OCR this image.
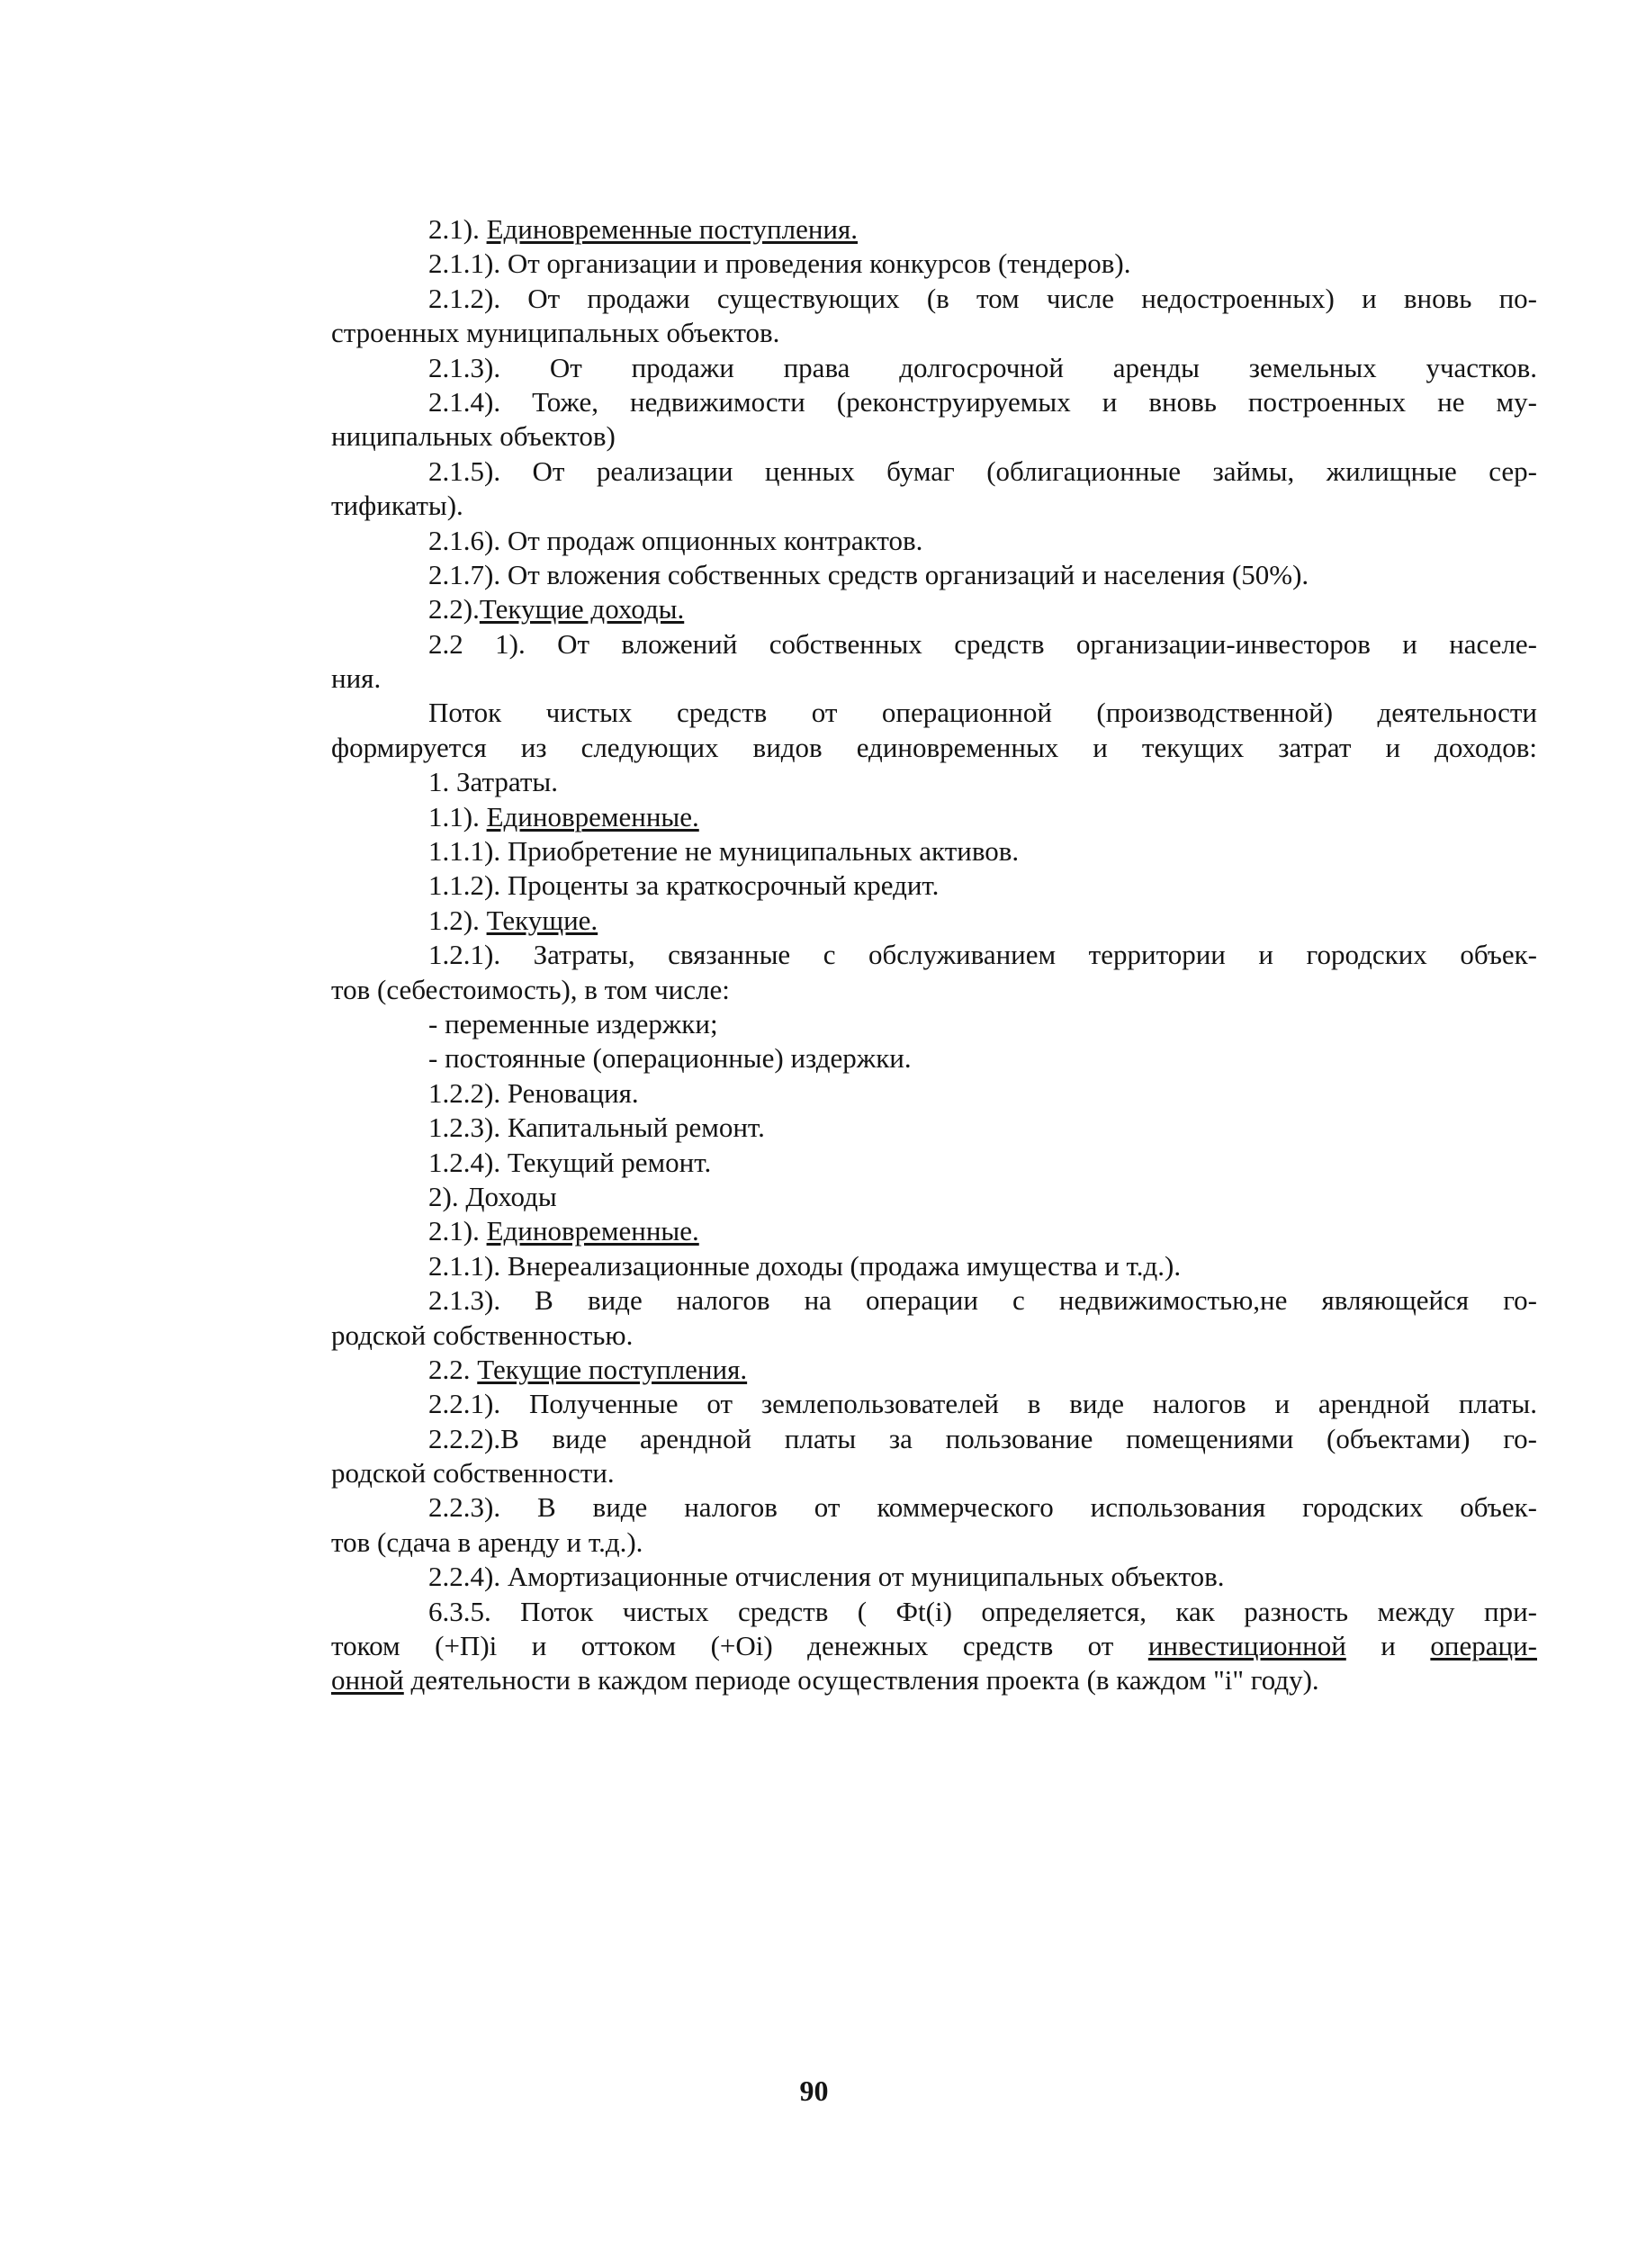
2.1). Единовременные поступления.
2.1.1). От организации и проведения конкурсов (тендеров).
2.1.2). От продажи существующих (в том числе недостроенных) и вновь по-
строенных муниципальных объектов.
2.1.3). От продажи права долгосрочной аренды земельных участков.
2.1.4). Тоже, недвижимости (реконструируемых и вновь построенных не му-
ниципальных объектов)
2.1.5). От реализации ценных бумаг (облигационные займы, жилищные сер-
тификаты).
2.1.6). От продаж опционных контрактов.
2.1.7). От вложения собственных средств организаций и населения (50%).
2.2).Текущие доходы.
2.2 1). От вложений собственных средств организации-инвесторов и населе-
ния.
Поток чистых средств от операционной (производственной) деятельности
формируется из следующих видов единовременных и текущих затрат и доходов:
1. Затраты.
1.1). Единовременные.
1.1.1). Приобретение не муниципальных активов.
1.1.2). Проценты за краткосрочный кредит.
1.2). Текущие.
1.2.1). Затраты, связанные с обслуживанием территории и городских объек-
тов (себестоимость), в том числе:
- переменные издержки;
- постоянные (операционные) издержки.
1.2.2). Реновация.
1.2.3). Капитальный ремонт.
1.2.4). Текущий ремонт.
2). Доходы
2.1). Единовременные.
2.1.1). Внереализационные доходы (продажа имущества и т.д.).
2.1.3). В виде налогов на операции с недвижимостью,не являющейся го-
родской собственностью.
2.2. Текущие поступления.
2.2.1). Полученные от землепользователей в виде налогов и арендной платы.
2.2.2).В виде арендной платы за пользование помещениями (объектами) го-
родской собственности.
2.2.3). В виде налогов от коммерческого использования городских объек-
тов (сдача в аренду и т.д.).
2.2.4). Амортизационные отчисления от муниципальных объектов.
6.3.5. Поток чистых средств ( Фt(i) определяется, как разность между при-
током (+П)i и оттоком (+Oi) денежных средств от инвестиционной и операци-
онной деятельности в каждом периоде осуществления проекта (в каждом "i" году).
90
